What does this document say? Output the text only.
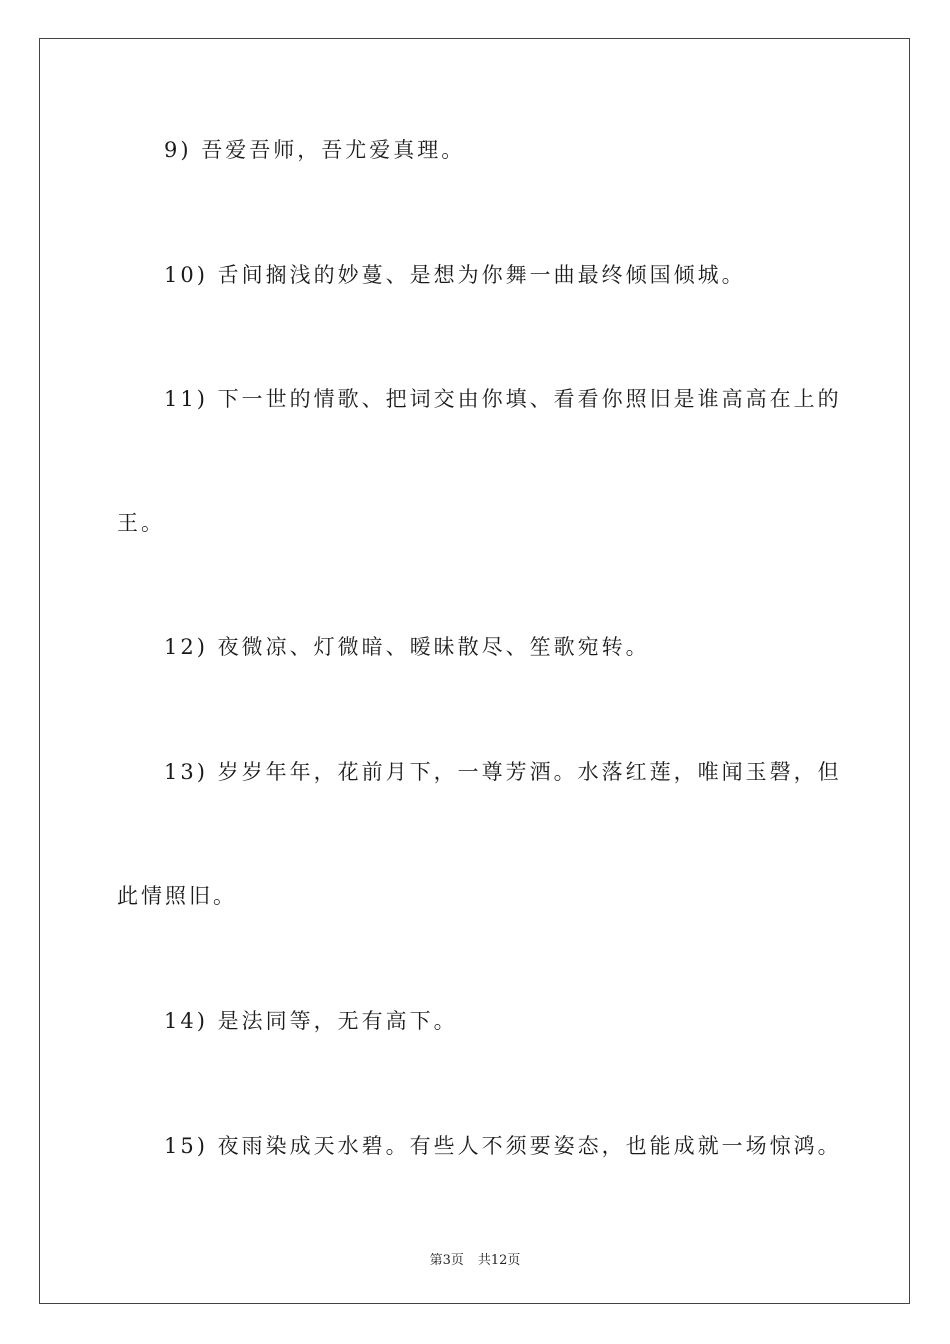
9) 吾爱吾师，吾尤爱真理。
10) 舌间搁浅的妙蔓、是想为你舞一曲最终倾国倾城。
11) 下一世的情歌、把词交由你填、看看你照旧是谁高高在上的
王。
12) 夜微凉、灯微暗、暧昧散尽、笙歌宛转。
13) 岁岁年年，花前月下，一尊芳酒。水落红莲，唯闻玉磬，但
此情照旧。
14) 是法同等，无有高下。
15) 夜雨染成天水碧。有些人不须要姿态，也能成就一场惊鸿。
第3页 共12页
